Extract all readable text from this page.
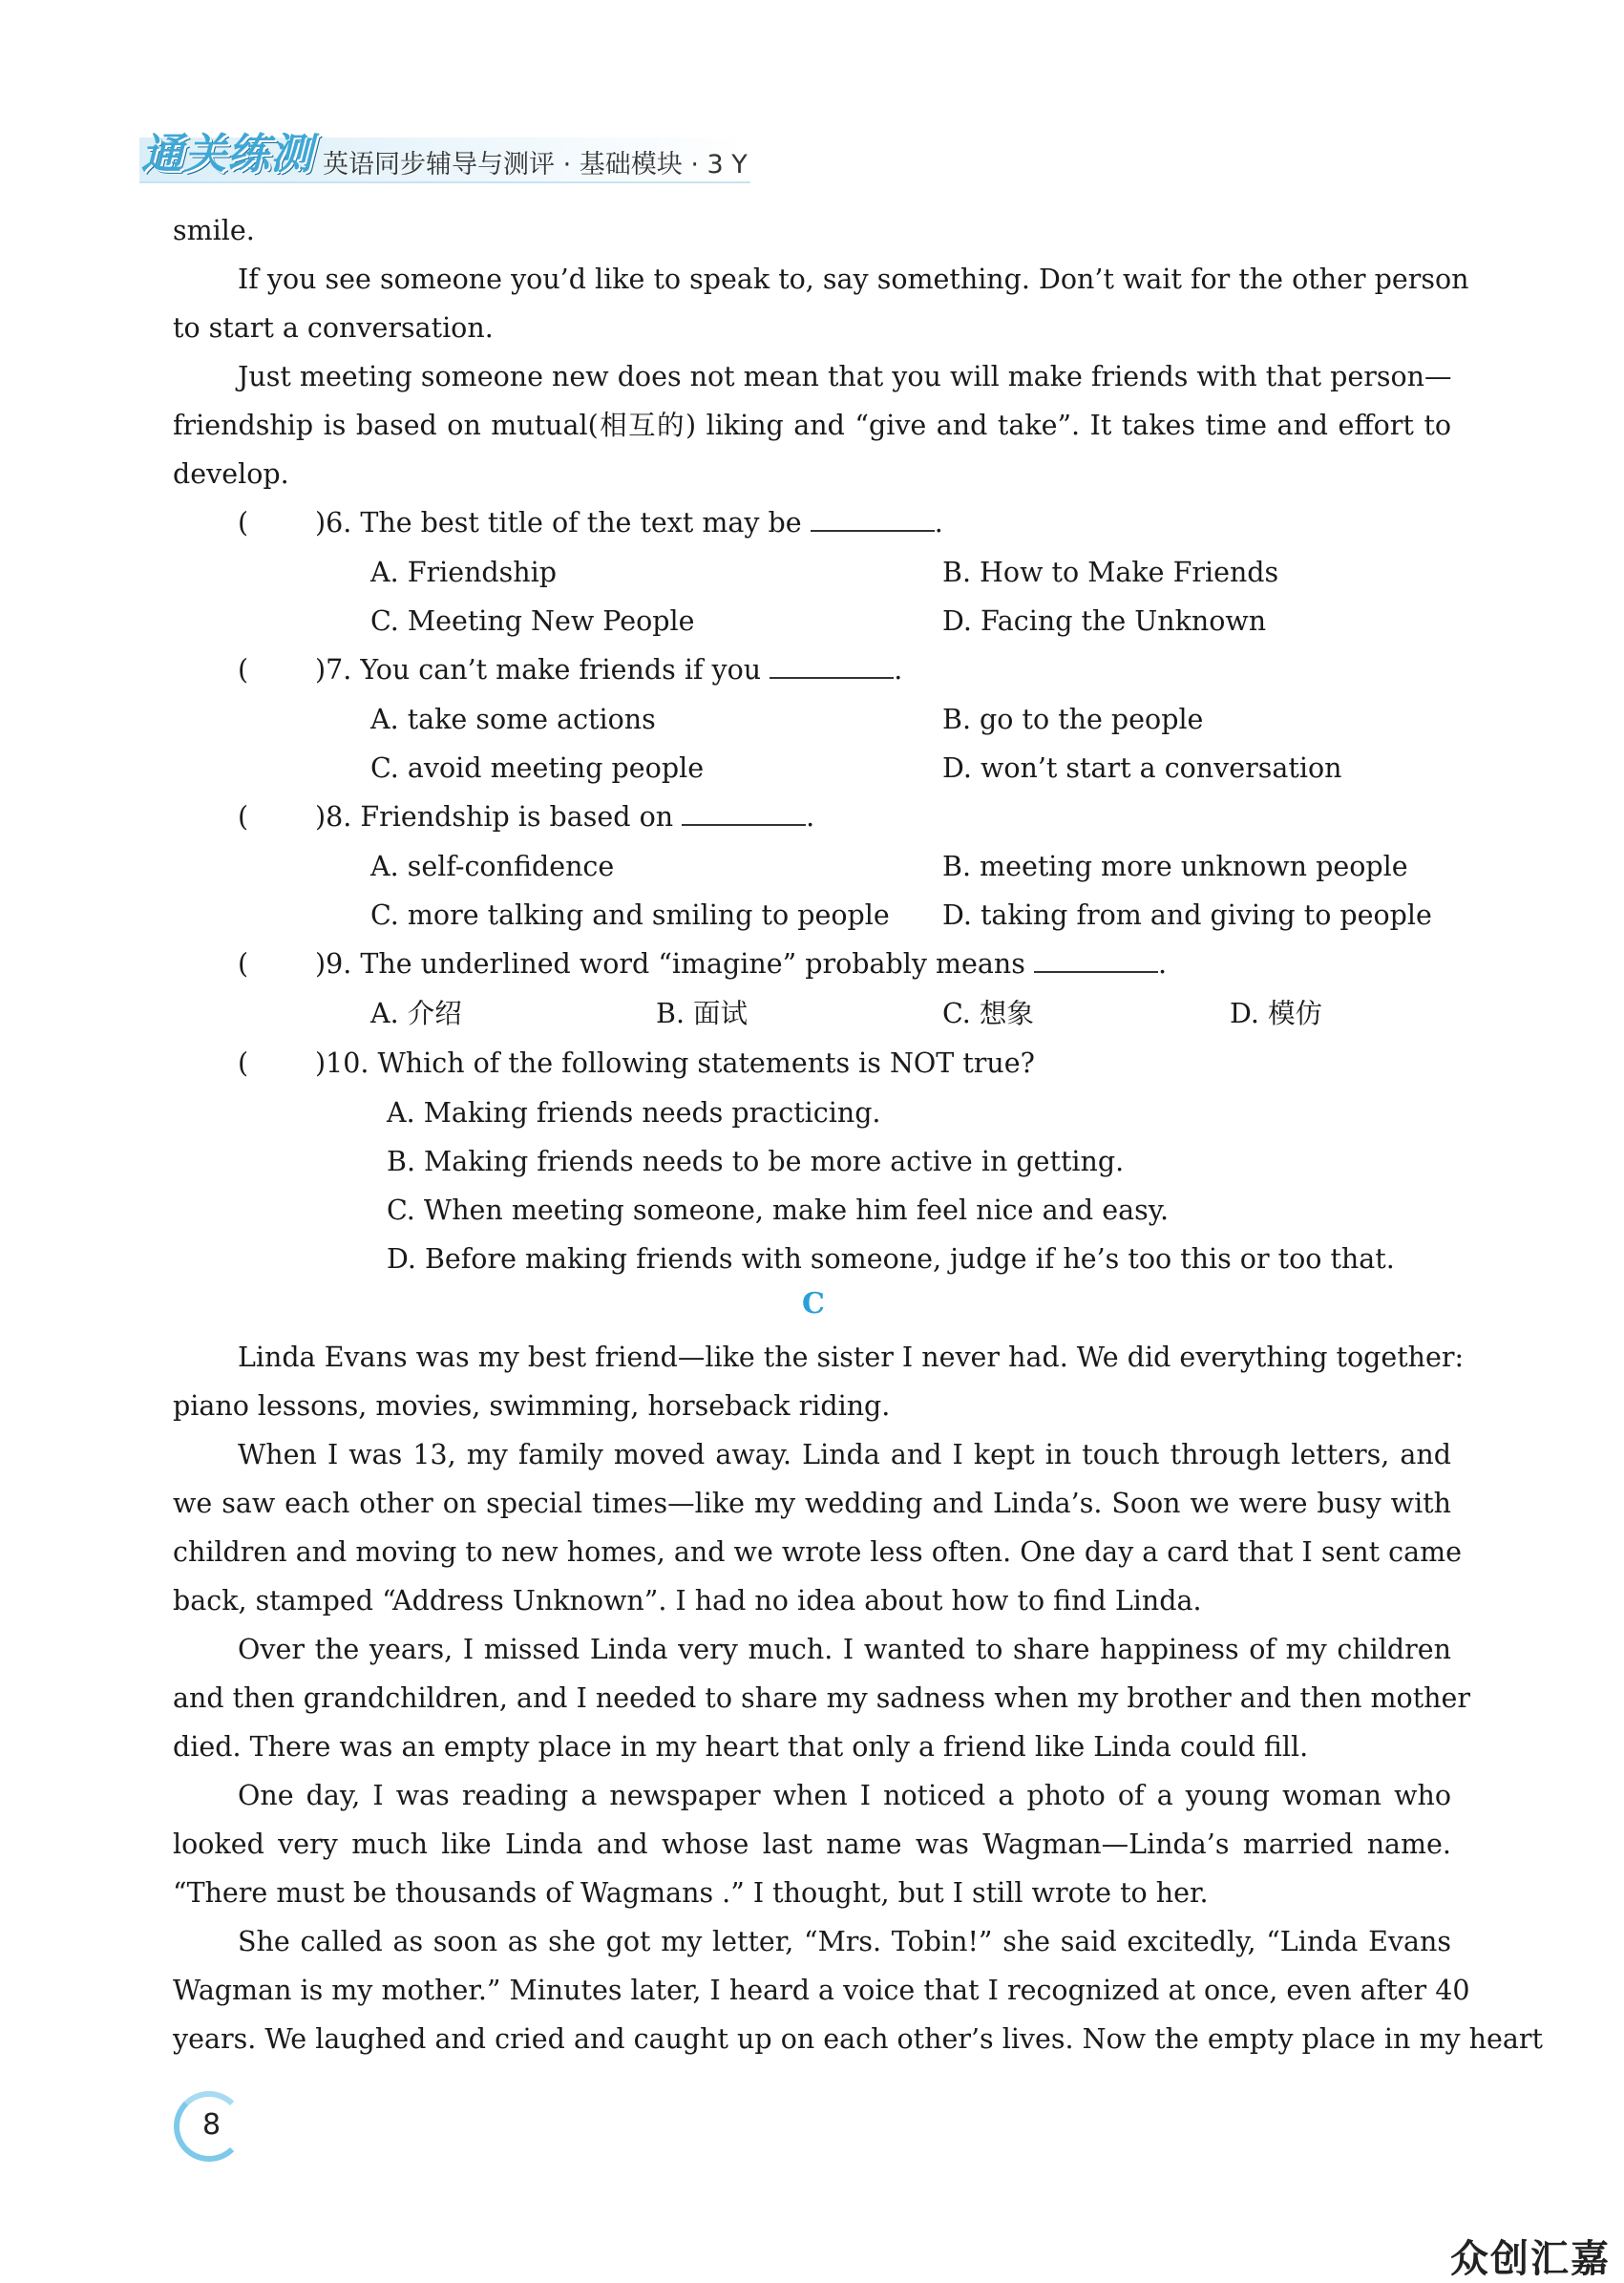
通关练测 英语同步辅导与测评 · 基础模块 · 3 Y
smile.
If you see someone you’d like to speak to, say something. Don’t wait for the other person
to start a conversation.
Just meeting someone new does not mean that you will make friends with that person—
friendship is based on mutual(相互的) liking and “give and take”. It takes time and effort to
develop.
( )6. The best title of the text may be	.
A. Friendship	B. How to Make Friends
C. Meeting New People	D. Facing the Unknown
( )7. You can’t make friends if you	.
A. take some actions	B. go to the people
C. avoid meeting people	D. won’t start a conversation
( )8. Friendship is based on	.
A. self-confidence	B. meeting more unknown people
C. more talking and smiling to people D. taking from and giving to people
( )9. The underlined word “imagine” probably means	.
A. 介绍	B. 面试	C. 想象	D. 模仿
( )10. Which of the following statements is NOT true?
A. Making friends needs practicing.
B. Making friends needs to be more active in getting.
C. When meeting someone, make him feel nice and easy.
D. Before making friends with someone, judge if he’s too this or too that.
Linda Evans was my best friend—like the sister I never had. We did everything together:
piano lessons, movies, swimming, horseback riding.
When I was 13, my family moved away. Linda and I kept in touch through letters, and
we saw each other on special times—like my wedding and Linda’s. Soon we were busy with
children and moving to new homes, and we wrote less often. One day a card that I sent came
back, stamped “Address Unknown”. I had no idea about how to find Linda.
Over the years, I missed Linda very much. I wanted to share happiness of my children
and then grandchildren, and I needed to share my sadness when my brother and then mother
died. There was an empty place in my heart that only a friend like Linda could fill.
One day, I was reading a newspaper when I noticed a photo of a young woman who
looked very much like Linda and whose last name was Wagman—Linda’s married name.
“There must be thousands of Wagmans .” I thought, but I still wrote to her.
She called as soon as she got my letter, “Mrs. Tobin!” she said excitedly, “Linda Evans
Wagman is my mother.” Minutes later, I heard a voice that I recognized at once, even after 40
years. We laughed and cried and caught up on each other’s lives. Now the empty place in my heart
C
8
众创汇嘉
